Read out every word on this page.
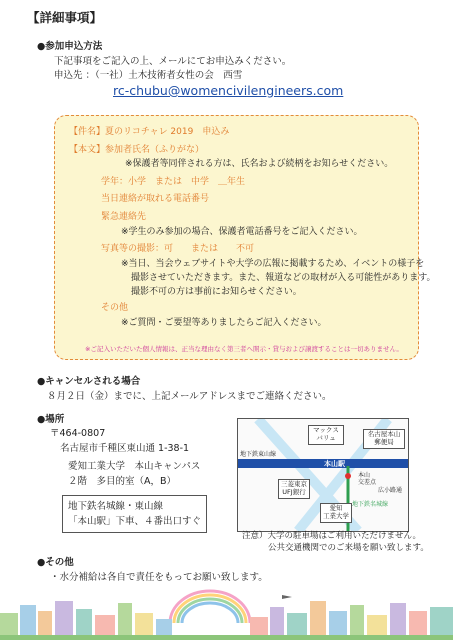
【詳細事項】
●参加申込方法
下記事項をご記入の上、メールにてお申込みください。
申込先 ：（一社）土木技術者女性の会　西雪
rc-chubu@womencivilengineers.com
【件名】夏のリコチャレ 2019　申込み
【本文】参加者氏名（ふりがな）
※保護者等同伴される方は、氏名および続柄をお知らせください。
学年：小学　または　中学　＿年生
当日連絡が取れる電話番号
緊急連絡先
※学生のみ参加の場合、保護者電話番号をご記入ください。
写真等の撮影：可　　または　　不可
※当日、当会ウェブサイトや大学の広報に掲載するため、イベントの様子を
撮影させていただきます。また、報道などの取材が入る可能性があります。
撮影不可の方は事前にお知らせください。
その他
※ご質問・ご要望等ありましたらご記入ください。
※ご記入いただいた個人情報は、正当な理由なく第三者へ開示・貸与および譲渡することは一切ありません。
●キャンセルされる場合
８月２日（金）までに、上記メールアドレスまでご連絡ください。
●場所
〒464-0807
名古屋市千種区東山通 1-38-1
愛知工業大学　本山キャンパス
２階　多目的室（A，B）
地下鉄名城線・東山線
「本山駅」下車、４番出口すぐ
マックス
バリュ	名古屋本山
郵便局
地下鉄東山線
本山駅
本山
交差点
広小路通
三菱東京
UFJ銀行
地下鉄名城線
愛知
工業大学
注意）大学の駐車場はご利用いただけません。
公共交通機関でのご来場を願い致します。
●その他
・水分補給は各自で責任をもってお願い致します。
